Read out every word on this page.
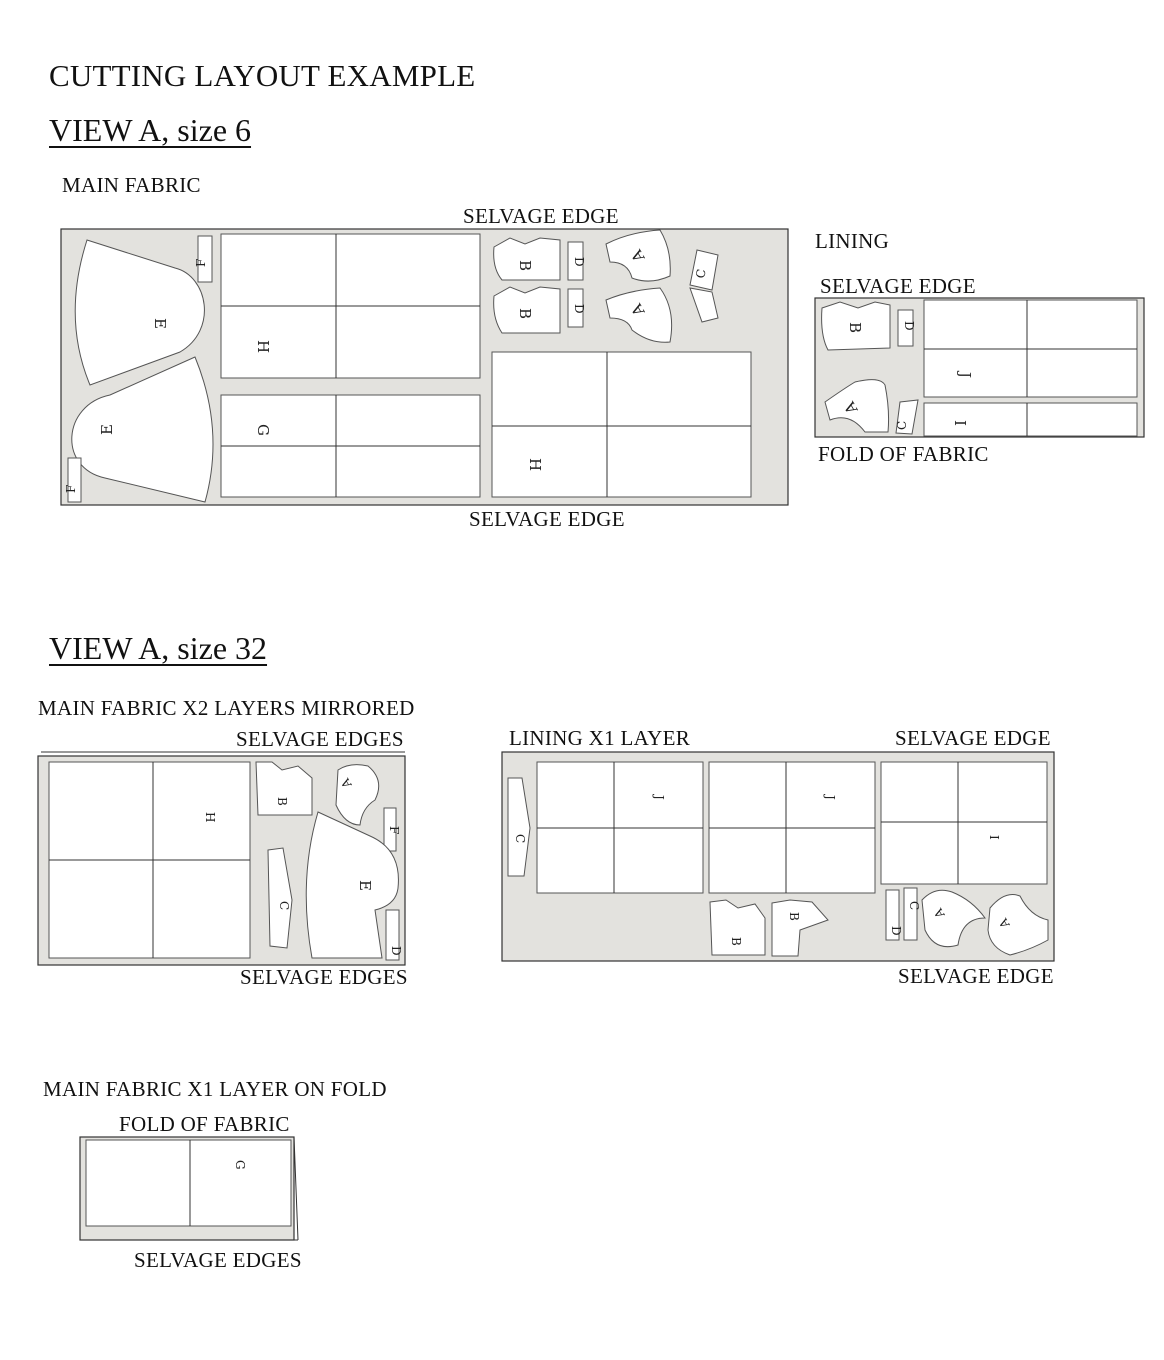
CUTTING LAYOUT EXAMPLE
VIEW A, size 6
MAIN FABRIC
SELVAGE EDGE
SELVAGE EDGE
LINING
SELVAGE EDGE
FOLD OF FABRIC
VIEW A, size 32
MAIN FABRIC X2 LAYERS MIRRORED
SELVAGE EDGES
SELVAGE EDGES
LINING X1 LAYER	SELVAGE EDGE
SELVAGE EDGE
MAIN FABRIC X1 LAYER ON FOLD
FOLD OF FABRIC
SELVAGE EDGES
E
E
F
F
H
G
H
B
B
D
D
A
A
C
B	D
J
I
A
C
H
B
A
F
C
E
D
C
J	J
I
B
B
D
C
A
A
G
